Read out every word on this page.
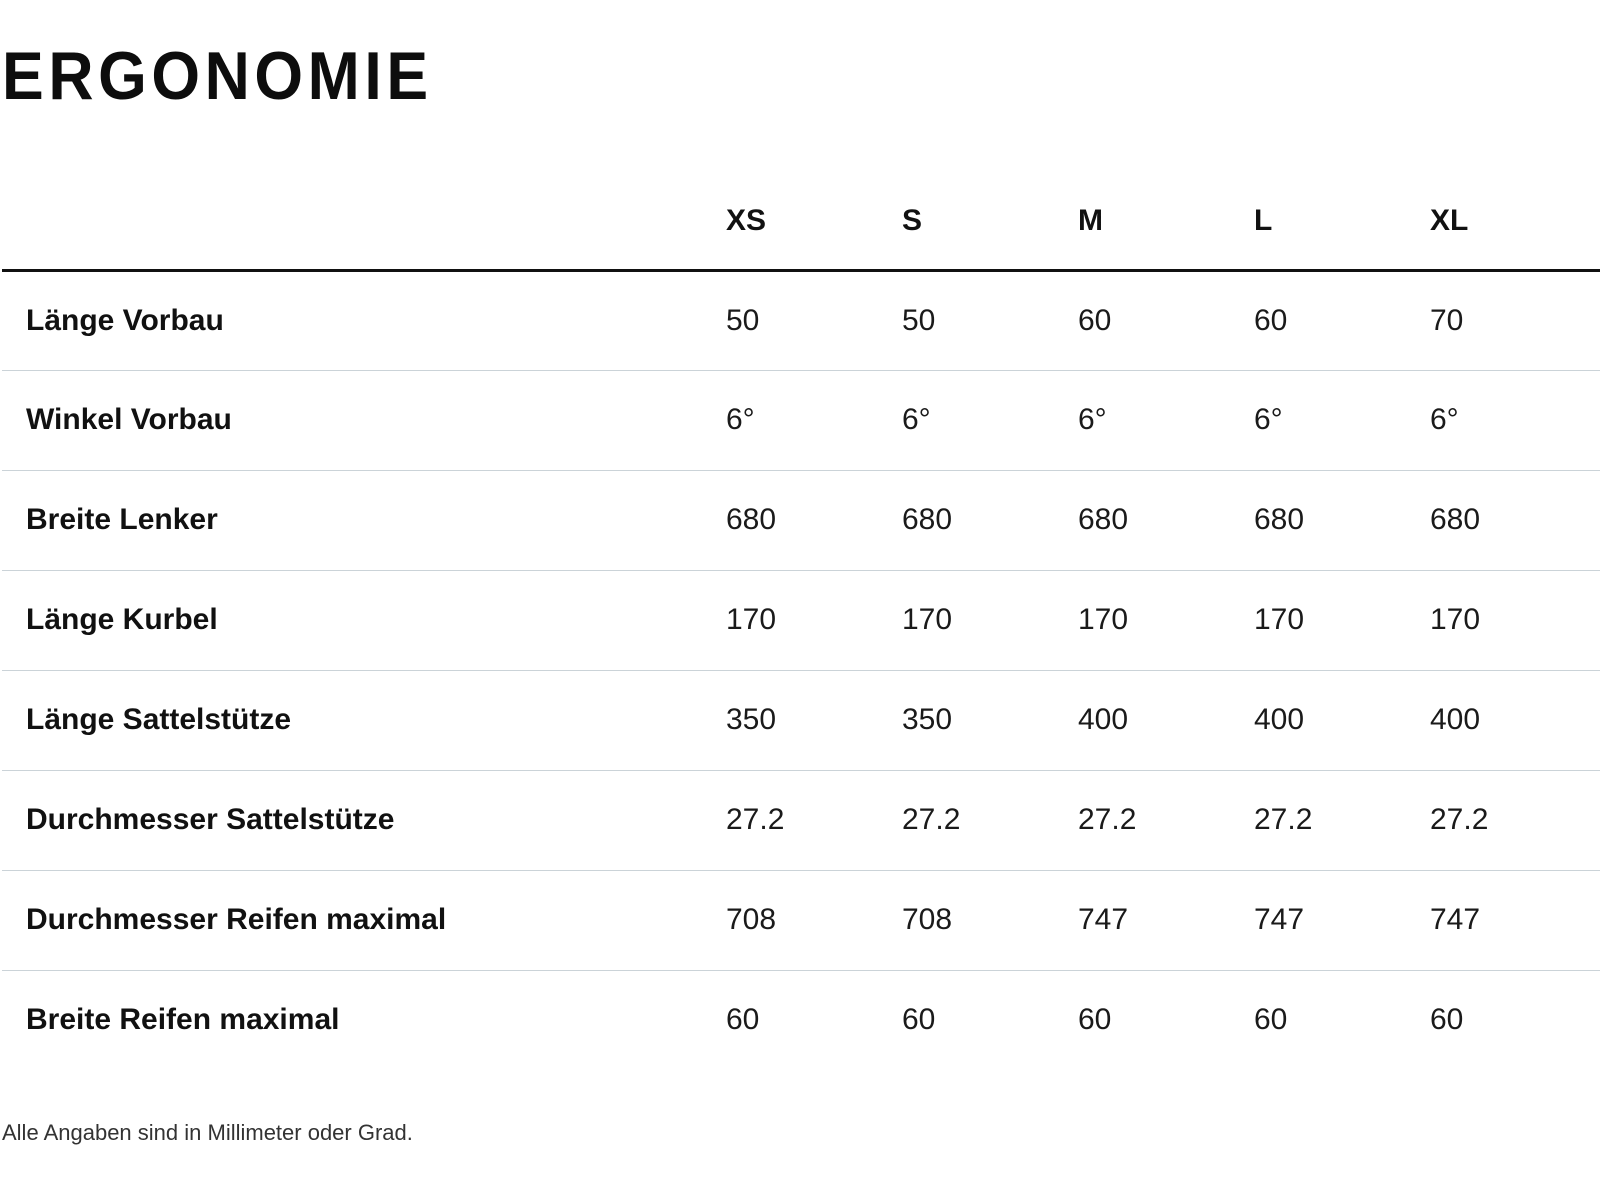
ERGONOMIE
	XS	S	M	L	XL
Länge Vorbau	50	50	60	60	70
Winkel Vorbau	6°	6°	6°	6°	6°
Breite Lenker	680	680	680	680	680
Länge Kurbel	170	170	170	170	170
Länge Sattelstütze	350	350	400	400	400
Durchmesser Sattelstütze	27.2	27.2	27.2	27.2	27.2
Durchmesser Reifen maximal	708	708	747	747	747
Breite Reifen maximal	60	60	60	60	60

Alle Angaben sind in Millimeter oder Grad.
